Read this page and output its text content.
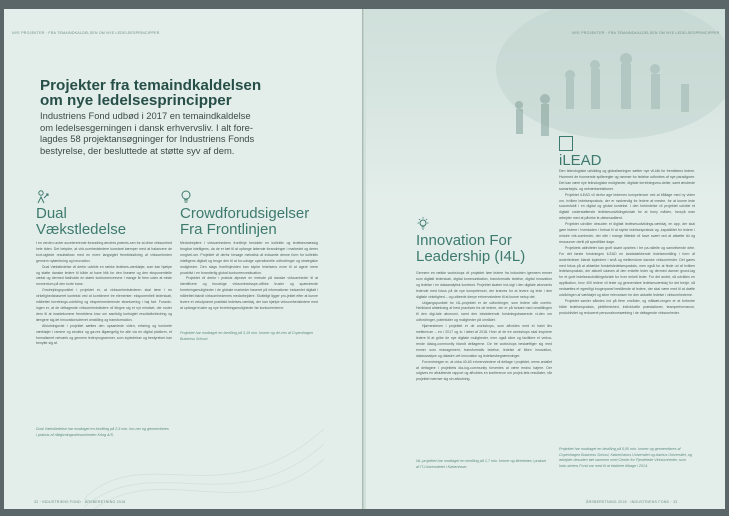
NYE PROJEKTER · FRA TEMAINDKALDELSEN OM NYE LEDELSESPRINCIPPER
Projekter fra temaindkaldelsen
om nye ledelsesprincipper
Industriens Fond udbød i 2017 en temaindkaldelse
om ledelsesgerningen i dansk erhvervsliv. I alt fore-
lagdes 58 projektansøgninger for Industriens Fonds
bestyrelse, der besluttede at støtte syv af dem.
Dual
Vækstledelse

I en verden under accelererende forandring ændres præmis-sen for at drive virksomhed hele tiden. Det betyder, at virk-somhedsledere konstant kæmper med at balancere de kort-sigtede resultatkrav med en mere langsigtet fremtidssikring af virksomheden gennem nytænkning og innovation.

Dual Vækstledelse vil derfor udvikle en række ledelses-værktøjer, som kan hjælpe og støtte danske ledere til både at have blik for den lineære og den eksponentielle vækst og dermed fastholde en stærk konkurrenceevne i mange år frem uden at miste momentum på den korte bane.

Omdrejningspunktet i projektet er, at virksomhedslederen skal lære i en virkelighedsbaseret kontekst ved at kombinere tre elementer: eksponentielt lederskab, målrettet forretnings-udvikling og eksperimenterende eksekvering i høj fart. Forankr-ingen er, at de deltagende virksomhedsledere vil tilegne sig et nyt mindset, der ruster dem til at imødekomme fremtidens krav om samtidig kortsigtet resultatforbedring og længere sig-tet innovationsdrevet omstilling og transformation.

Afslutningsvist i projektet sættes den opsamlede viden, erfaring og konkrete værktøjer i ramme og struktur og gø-res tilgængelig for alle via en digital platform, et formaliseret netværk og gennem lederprogrammer, som topledelser og bestyrelser kan benytte sig af.

Dual Vækstledelse har modtaget en bevilling på 2,5 mio. kro-ner og gennemføres i praksis af rådgivningsvirksomheden Kring A/S.
Crowdforudsigelser
Fra Frontlinjen

Medarbejdere i virksomhedens frontlinje besidder en kollektiv og ledelsesmæssig brugbar intelligens, da de er tæt til at opfange løbende forandringer i markedet og deres omgivel-ser. Projektet vil derfor forsøge metodisk at indsamle denne form for kollektiv intelligens digitalt og bruge den til at for-udsige operationelle udfordringer og strategiske muligheder. Den slags frontlinjeviden kan styrke ledelsens evne til at agere mere proaktivt i en foranderlig global konkurrencesituation.

Projektet vil derfor i praksis afprøve en metode på danske virksomheder til at identificere og forudsige virksomhedsspe-cifikke trusler og spændende forretningsmuligheder i de globale markeder baseret på informationer indsamlet digitalt i målrettet blandt virksomhedernes medarbejdere. Slutteligt ligger pro-jektet efter at kunne levere et veludprøvet praktiskt ledelses-værktøj, der kan hjælpe virksomhedsledere med at opfange trusler og nye forretningsmuligheder før konkurrenterne.

Projektet har modtaget en bevilling på 3,19 mio. kroner og dri-ves af Copenhagen Business School.
32 · INDUSTRIENS FOND · ÅRSBERETNING 2018
NYE PROJEKTER · FRA TEMAINDKALDELSEN OM NYE LEDELSESPRINCIPPER
Innovation For
Leadership (I4L)

Gennem en række workshops vil projektet føre ledere fra industrien igennem emner som digitalt lederskab, digital kommunikation, transformativ ledelse, digital innovation og ledelse i en dataanalytisk kontekst. Projektet skaber ind-sigt i den digitale økonomis ledende med fokus på de nye kompetencer, der kræves for at levere og lede i den digitale virkelighed – og udbrede denye erhvervsledere til at kunne netop det.

Udgangspunktet for I4L-projektet er de udfordringer, som ledere står overfor. Herikland afdækning af best practices fra de ledere, der er på forkant med omstillingen til den digi-tale økonomi, samt den eksisterende forskningsbaserede vi-den om udfordringer, potentialer og muligheder på området.

Hjørnestenen i projektet er de workshops, som afholdes med et halvt års mellemrum – en i 2017 og to i løbet af 2018. Hver af de tre workshops skal inspirere ledere til at gribe de nye digitale muligheder, men også sikre og facilitere et vedva-rende dialog-community blandt deltagerne. De tre workshops beskæftiger sig med emner som management, transformativ ledelse, ledelse af åben innovation, datananalyse og datadre-vet innovation og ledelsesbegrænsninger.

Forventningen er, at cirka 40-60 erhvervsledere vil deltage i projektet, mens antallet af deltagere i projektets dia-log-community forventes at være endnu højere. Der udgives en afsluttende rapport og afholdes en konference om projek-tets resultater, når projektet nærmer sig sin afslutning.

I4L-projektet har modtaget en bevilling på 1,7 mio. kroner og tilrettelæs i praksis af IT-Universitetet i København.
iLEAD

Den teknologiske udvikling og globaliseringen sætter nye vil-kår for fremtidens ledere. Hvormed de tvunnende spilleregler og rammer for ledelse udfordres af nye paradigmer. Det kan være nye teknologiske muligheder, digitale forretningsmo-deller, samt ændrede samarbejds- og netværksrelationer.

Projektet iLEAD vil derfor øge ledernes kompetencer ved at båltage med ny viden om, hvilken ledelsespraksis, der er nødvendig for ledere at mestre, for at kunne lede succesfuldt i en digital og global kontekst. I den forbindelse vil projektet udvikle et digitalt understøttende ledelsesudviklingsforløb for at forny måden, hvorpå man arbejder med at påvirke le-delsesadfærd.

Projektet udvikler desuden et digitalt ledelsesudviklings-værktøj, en app, der skal gøre ledere i hverdaden i fortsat til at styrke ledelsespraksis og -kapabilitet for ledere i mindre virk-somheder, der ofte i mange tilfælde vil have svært ved at afsætte tid og ressourcer dertil på specifikke dage.

Projektets aktiviteter kan groft skønt opdeles i tre pa-rallelle og samvirkende dele. For det første forskningen iLEAD en landsdækkende ledelsesmåling i form af anderledeser blandt topledere i små og mellemstore danske virksomheder. Det gøres med fokus på at afdække forskelsledelsespraksis, men også for at finde ud af hvilken ledelsespraksis, der aktuelt udøves af den enkelte leder og dermed danner grund-lag for et godt ledelsesudviklingsforløb for hver enkelt leder. For det andet, så udvikles en applikation, hvor 400 ledere vil teste og gennemføre ledelsesværktøj for det tredje, så nedsættes et egentligt brugerpanel bestående af ledere, der skal være med til at drøfte udviklingen af værktøjet og sikre relevansen for den aktuelle ledelse i virksomhederne.

Projektet samler således ind på flere områder, og målsæt-ningen er at forbedre både ledelsespraksis, jobtilfredshed, individuelle præstationer, teamperformance, produktivitet og reduceret personaleomsætning i de deltagende virksomheder.

Projektet har modtaget en bevilling på 5,00 mio. kroner og gennemføres af Copenhagen Business School, Københavns Universitet og Aarhus Universitet, og arbejder desuden tæt sammen med Center for Fjerdelede Virksomheder, som Indu-striens Fond var med til at etablere tilbage i 2014.
ÅRSBERETNING 2018 · INDUSTRIENS FOND · 33
